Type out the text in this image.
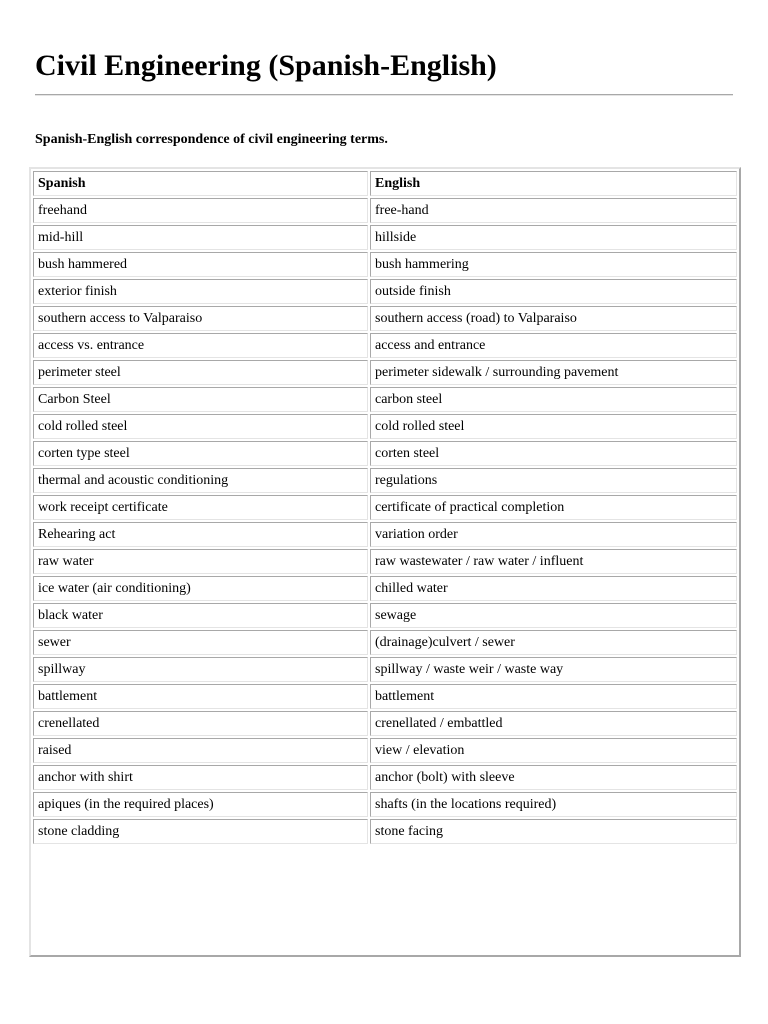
Civil Engineering (Spanish-English)

Spanish-English correspondence of civil engineering terms.

Spanish	English
freehand	free-hand
mid-hill	hillside
bush hammered	bush hammering
exterior finish	outside finish
southern access to Valparaiso	southern access (road) to Valparaiso
access vs. entrance	access and entrance
perimeter steel	perimeter sidewalk / surrounding pavement
Carbon Steel	carbon steel
cold rolled steel	cold rolled steel
corten type steel	corten steel
thermal and acoustic conditioning	regulations
work receipt certificate	certificate of practical completion
Rehearing act	variation order
raw water	raw wastewater / raw water / influent
ice water (air conditioning)	chilled water
black water	sewage
sewer	(drainage)culvert / sewer
spillway	spillway / waste weir / waste way
battlement	battlement
crenellated	crenellated / embattled
raised	view / elevation
anchor with shirt	anchor (bolt) with sleeve
apiques (in the required places)	shafts (in the locations required)
stone cladding	stone facing
